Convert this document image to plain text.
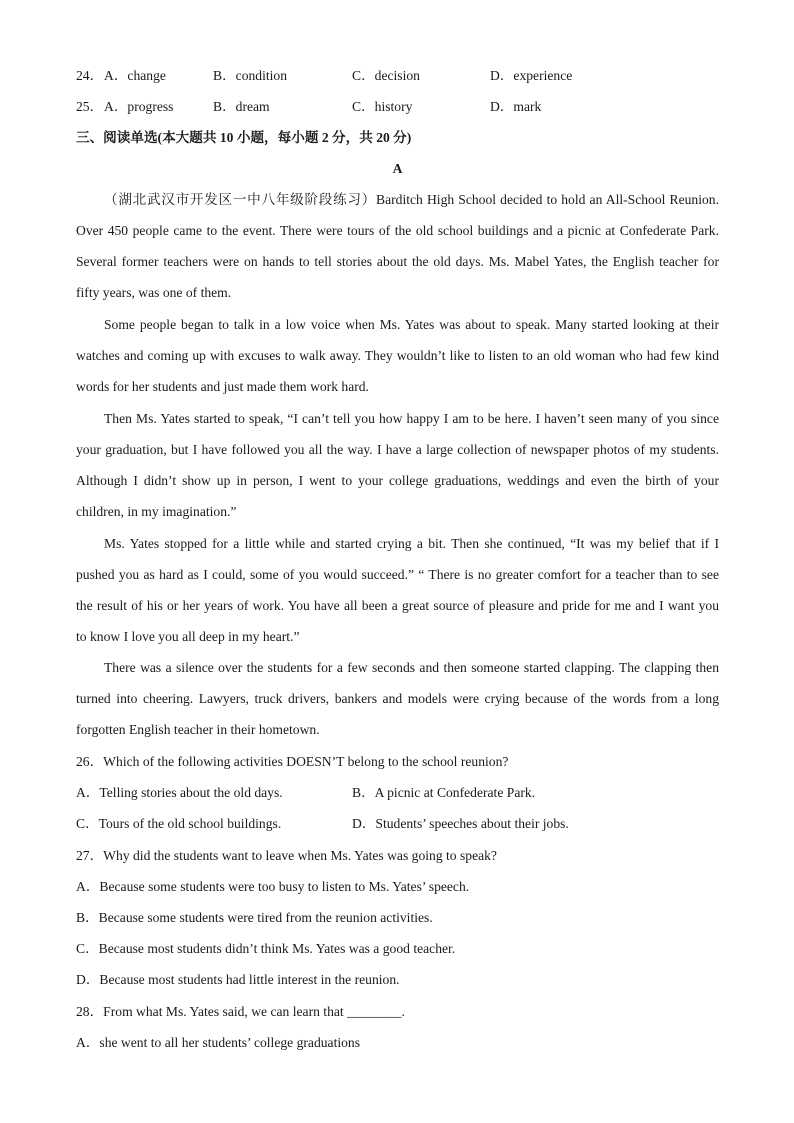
24． A．change	B．condition	C．decision	D．experience
25． A．progress	B．dream	C．history	D．mark
三、阅读单选(本大题共 10 小题，每小题 2 分，共 20 分)
A
（湖北武汉市开发区一中八年级阶段练习）Barditch High School decided to hold an All-School Reunion.
Over 450 people came to the event. There were tours of the old school buildings and a picnic at Confederate Park.
Several former teachers were on hands to tell stories about the old days. Ms. Mabel Yates, the English teacher for
fifty years, was one of them.
Some people began to talk in a low voice when Ms. Yates was about to speak. Many started looking at their
watches and coming up with excuses to walk away. They wouldn’t like to listen to an old woman who had few kind
words for her students and just made them work hard.
Then Ms. Yates started to speak, “I can’t tell you how happy I am to be here. I haven’t seen many of you since
your graduation, but I have followed you all the way. I have a large collection of newspaper photos of my students.
Although I didn’t show up in person, I went to your college graduations, weddings and even the birth of your
children, in my imagination.”
Ms. Yates stopped for a little while and started crying a bit. Then she continued, “It was my belief that if I
pushed you as hard as I could, some of you would succeed.” “ There is no greater comfort for a teacher than to see
the result of his or her years of work. You have all been a great source of pleasure and pride for me and I want you
to know I love you all deep in my heart.”
There was a silence over the students for a few seconds and then someone started clapping. The clapping then
turned into cheering. Lawyers, truck drivers, bankers and models were crying because of the words from a long
forgotten English teacher in their hometown.
26．Which of the following activities DOESN’T belong to the school reunion?
A．Telling stories about the old days.	B．A picnic at Confederate Park.
C．Tours of the old school buildings.	D．Students’ speeches about their jobs.
27．Why did the students want to leave when Ms. Yates was going to speak?
A．Because some students were too busy to listen to Ms. Yates’ speech.
B．Because some students were tired from the reunion activities.
C．Because most students didn’t think Ms. Yates was a good teacher.
D．Because most students had little interest in the reunion.
28．From what Ms. Yates said, we can learn that ________.
A．she went to all her students’ college graduations
